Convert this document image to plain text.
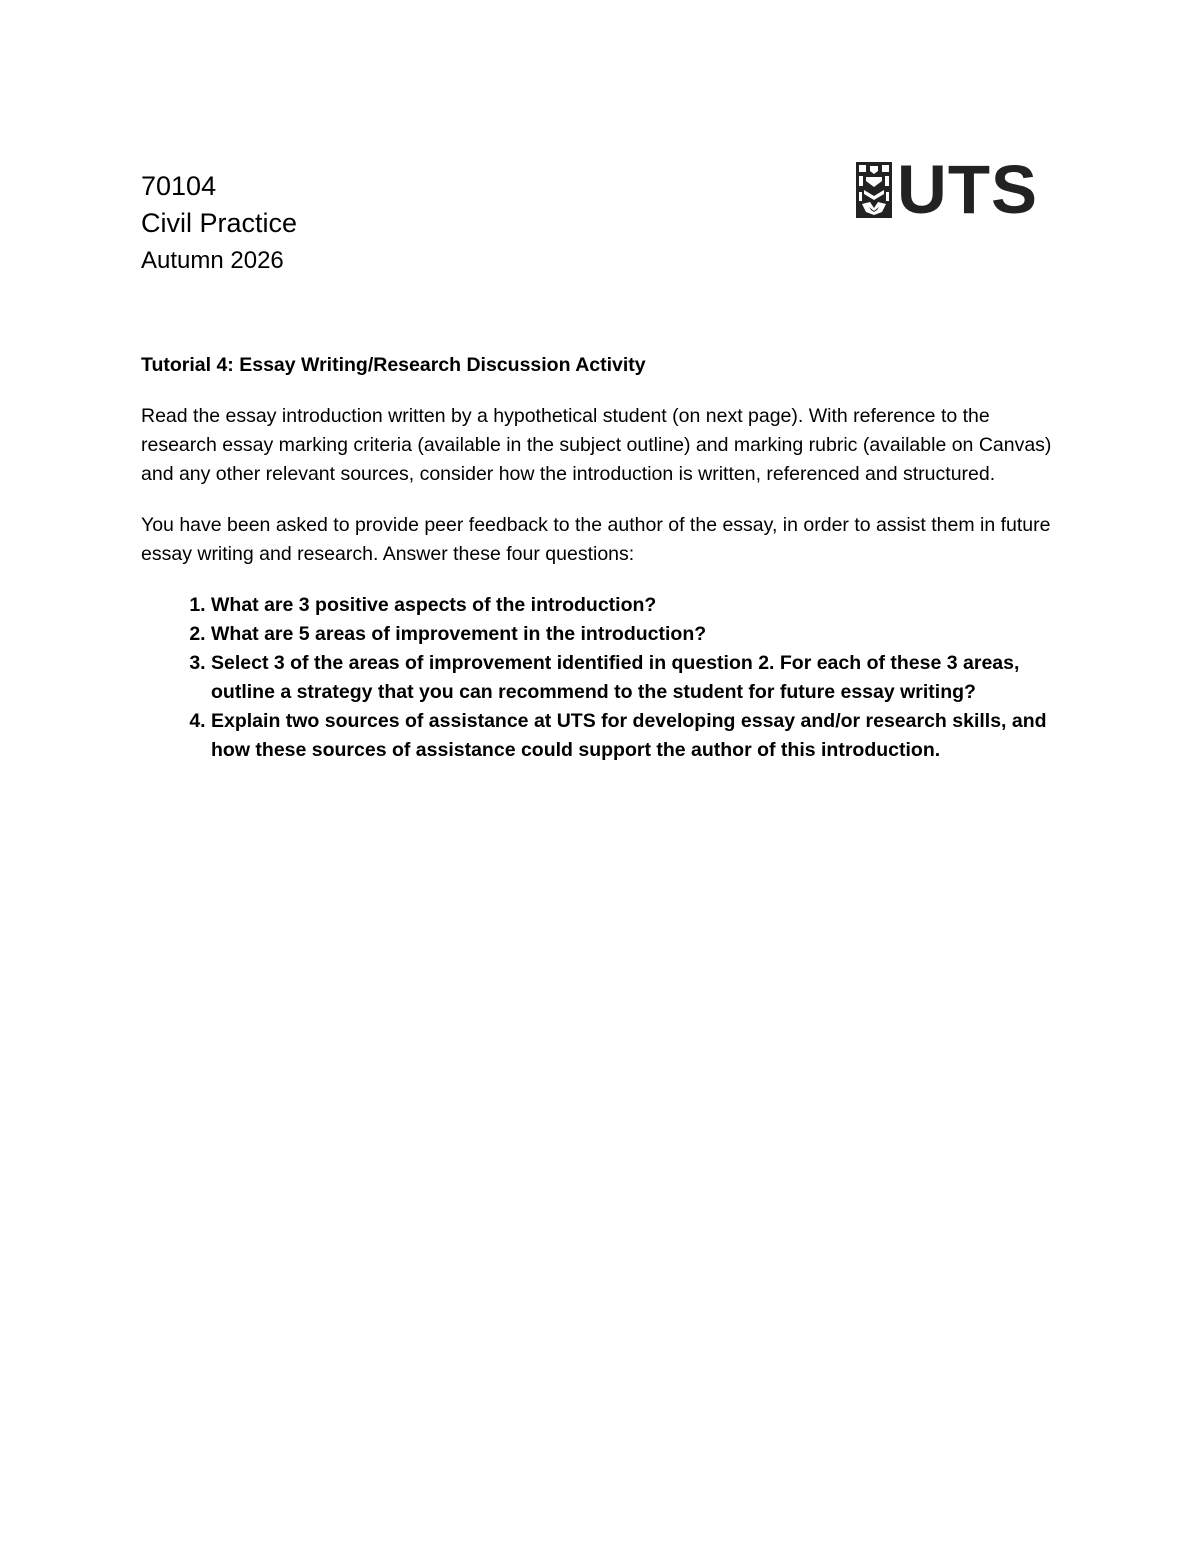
70104

Civil Practice

Autumn 2026

UTS

Tutorial 4: Essay Writing/Research Discussion Activity

Read the essay introduction written by a hypothetical student (on next page). With reference to the research essay marking criteria (available in the subject outline) and marking rubric (available on Canvas) and any other relevant sources, consider how the introduction is written, referenced and structured.

You have been asked to provide peer feedback to the author of the essay, in order to assist them in future essay writing and research. Answer these four questions:

1. What are 3 positive aspects of the introduction?
2. What are 5 areas of improvement in the introduction?
3. Select 3 of the areas of improvement identified in question 2. For each of these 3 areas, outline a strategy that you can recommend to the student for future essay writing?
4. Explain two sources of assistance at UTS for developing essay and/or research skills, and how these sources of assistance could support the author of this introduction.
